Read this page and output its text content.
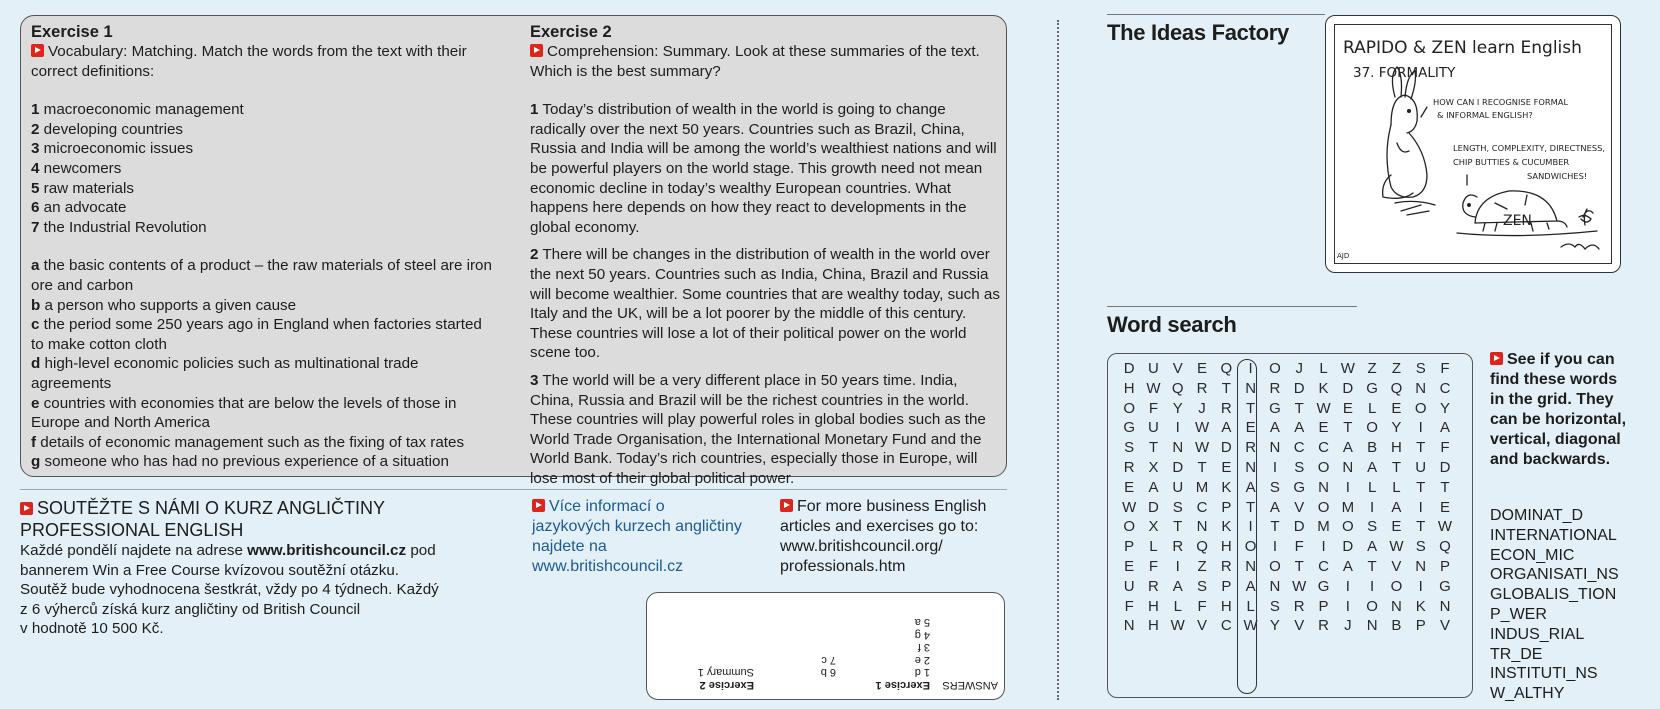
Exercise 1

Vocabulary: Matching. Match the words from the text with their correct definitions:

1 macroeconomic management

2 developing countries

3 microeconomic issues

4 newcomers

5 raw materials

6 an advocate

7 the Industrial Revolution

a the basic contents of a product – the raw materials of steel are iron ore and carbon

b a person who supports a given cause

c the period some 250 years ago in England when factories started to make cotton cloth

d high-level economic policies such as multinational trade agreements

e countries with economies that are below the levels of those in Europe and North America

f details of economic management such as the fixing of tax rates

g someone who has had no previous experience of a situation

Exercise 2

Comprehension: Summary. Look at these summaries of the text. Which is the best summary?

1 Today’s distribution of wealth in the world is going to change radically over the next 50 years. Countries such as Brazil, China, Russia and India will be among the world’s wealthiest nations and will be powerful players on the world stage. This growth need not mean economic decline in today’s wealthy European countries. What happens here depends on how they react to developments in the global economy.

2 There will be changes in the distribution of wealth in the world over the next 50 years. Countries such as India, China, Brazil and Russia will become wealthier. Some countries that are wealthy today, such as Italy and the UK, will be a lot poorer by the middle of this century. These countries will lose a lot of their political power on the world scene too.

3 The world will be a very different place in 50 years time. India, China, Russia and Brazil will be the richest countries in the world. These countries will play powerful roles in global bodies such as the World Trade Organisation, the International Monetary Fund and the World Bank. Today’s rich countries, especially those in Europe, will lose most of their global political power.

SOUTĚŽTE S NÁMI O KURZ ANGLIČTINY
PROFESSIONAL ENGLISH

Každé pondělí najdete na adrese www.britishcouncil.cz pod bannerem Win a Free Course kvízovou soutěžní otázku. Soutěž bude vyhodnocena šestkrát, vždy po 4 týdnech. Každý z 6 výherců získá kurz angličtiny od British Council
v hodnotě 10 500 Kč.

Více informací o jazykových kurzech angličtiny najdete na www.britishcouncil.cz
For more business English articles and exercises go to: www.britishcouncil.org/ professionals.htm
ANSWERS
Exercise 1
1 d
2 e
3 f
4 g
5 a
6 b
7 c
Exercise 2
Summary 1
The Ideas Factory
RAPIDO & ZEN learn English
37. FORMALITY
HOW CAN I RECOGNISE FORMAL
& INFORMAL ENGLISH?
LENGTH, COMPLEXITY, DIRECTNESS,
CHIP BUTTIES & CUCUMBER
SANDWICHES!
ZEN
AJD
Word search
D U V E Q	I	O J	L W Z	Z S F
H W Q R T N R D K D G Q N C
O F Y	J	R T G T W E	L	E O Y
G U	I	W A E A A E T O Y	I	A
S T N W D R N C C A B H T	F
R X D T E N	I	S O N A T U D
E A U M K A S G N	I	L	L	T	T
W D S C P T A V O M	I	A	I	E
O X T N K	I	T D M O S E T W
P	L R Q H O	I	F	I	D A W S Q
E F	I	Z R N O T C A T V N P
U R A S P A N W G	I	I	O	I	G
F H L	F H L	S R P	I	O N K N
N H W V C W Y V R	J	N B P V
See if you can find these words in the grid. They can be horizontal, vertical, diagonal and backwards.
DOMINAT_D
INTERNATIONAL
ECON_MIC
ORGANISATI_NS
GLOBALIS_TION
P_WER
INDUS_RIAL
TR_DE
INSTITUTI_NS
W_ALTHY
